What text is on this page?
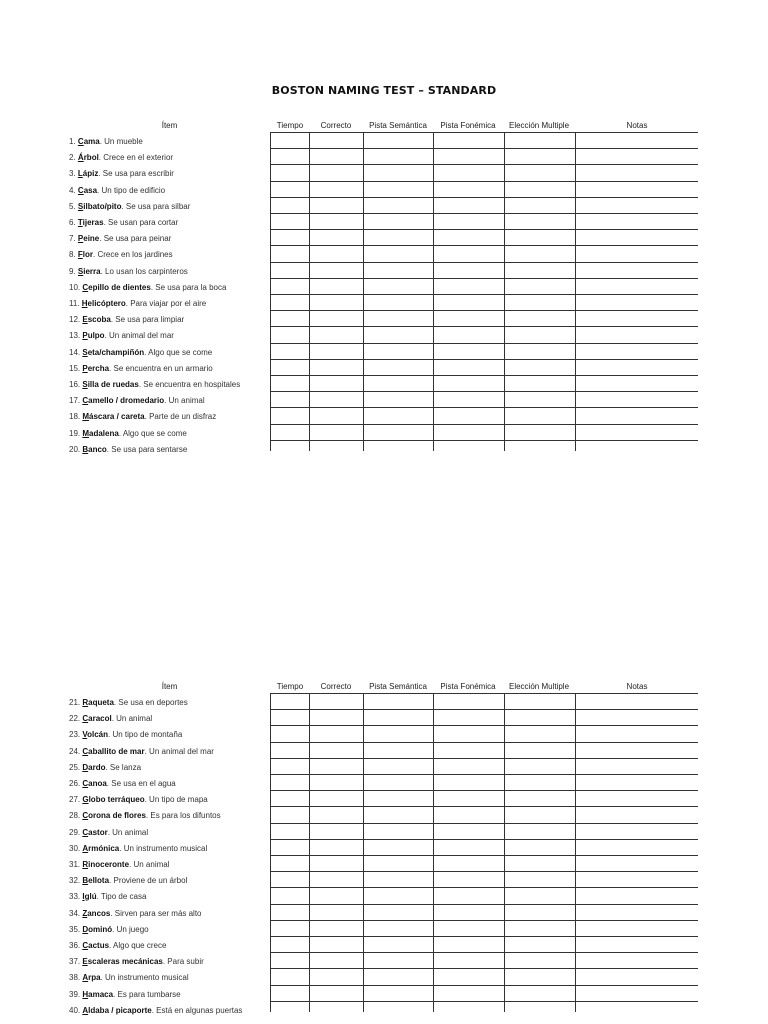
BOSTON NAMING TEST – STANDARD
Ítem	Tiempo	Correcto	Pista Semántica	Pista Fonémica	Elección Multiple	Notas
1. Cama. Un mueble
2. Árbol. Crece en el exterior
3. Lápiz. Se usa para escribir
4. Casa. Un tipo de edificio
5. Silbato/pito. Se usa para silbar
6. Tijeras. Se usan para cortar
7. Peine. Se usa para peinar
8. Flor. Crece en los jardines
9. Sierra. Lo usan los carpinteros
10. Cepillo de dientes. Se usa para la boca
11. Helicóptero. Para viajar por el aire
12. Escoba. Se usa para limpiar
13. Pulpo. Un animal del mar
14. Seta/champiñón. Algo que se come
15. Percha. Se encuentra en un armario
16. Silla de ruedas. Se encuentra en hospitales
17. Camello / dromedario. Un animal
18. Máscara / careta. Parte de un disfraz
19. Madalena. Algo que se come
20. Banco. Se usa para sentarse
Ítem	Tiempo	Correcto	Pista Semántica	Pista Fonémica	Elección Multiple	Notas
21. Raqueta. Se usa en deportes
22. Caracol. Un animal
23. Volcán. Un tipo de montaña
24. Caballito de mar. Un animal del mar
25. Dardo. Se lanza
26. Canoa. Se usa en el agua
27. Globo terráqueo. Un tipo de mapa
28. Corona de flores. Es para los difuntos
29. Castor. Un animal
30. Armónica. Un instrumento musical
31. Rinoceronte. Un animal
32. Bellota. Proviene de un árbol
33. Iglú. Tipo de casa
34. Zancos. Sirven para ser más alto
35. Dominó. Un juego
36. Cactus. Algo que crece
37. Escaleras mecánicas. Para subir
38. Arpa. Un instrumento musical
39. Hamaca. Es para tumbarse
40. Aldaba / picaporte. Está en algunas puertas
